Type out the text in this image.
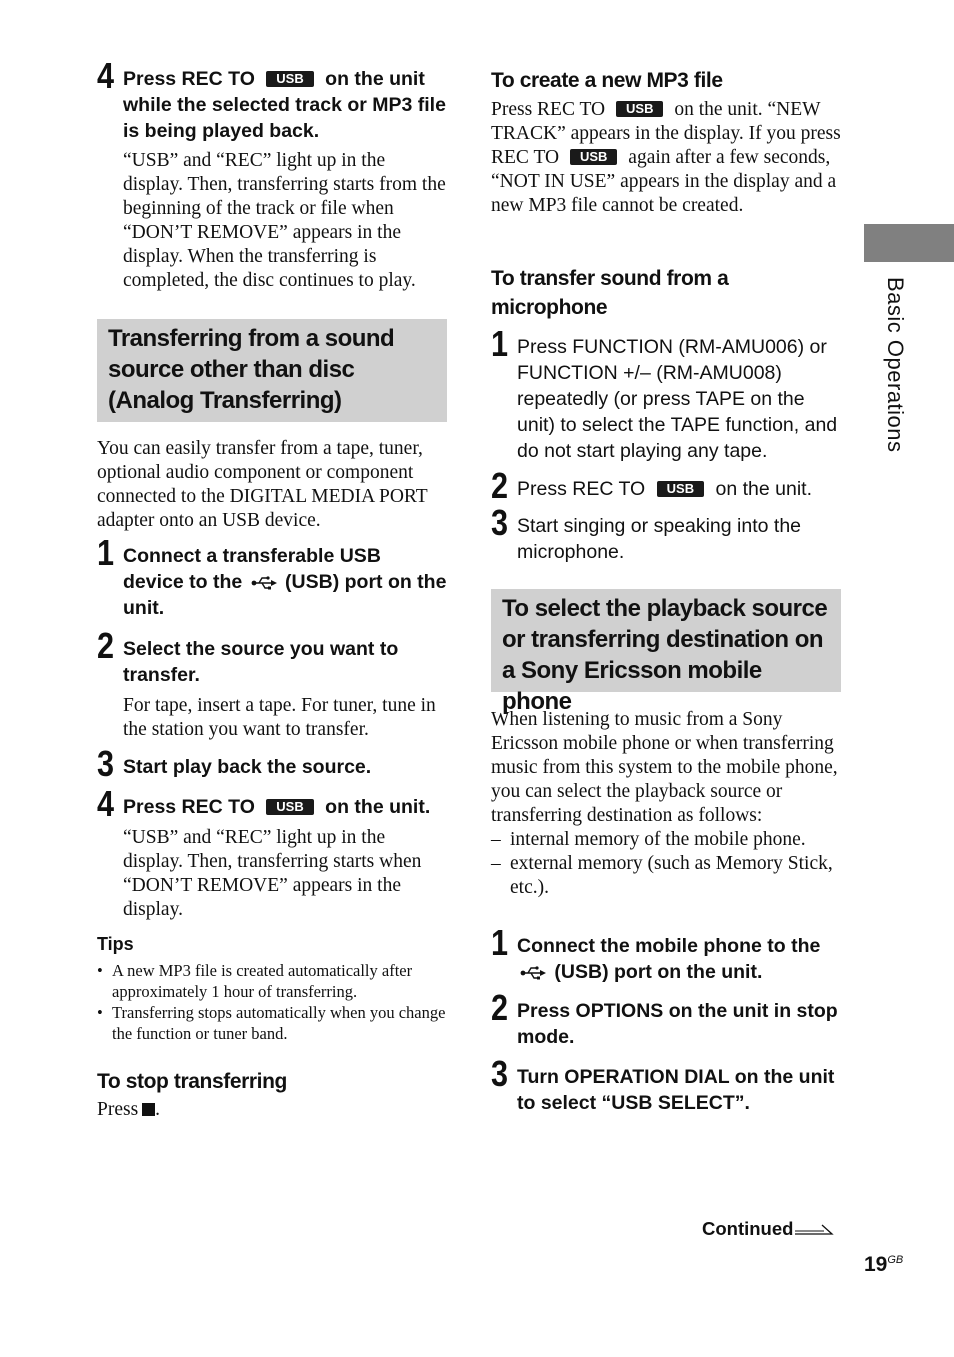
4 Press REC TO USB on the unit while the selected track or MP3 file is being played back.
“USB” and “REC” light up in the display. Then, transferring starts from the beginning of the track or file when “DON’T REMOVE” appears in the display. When the transferring is completed, the disc continues to play.
Transferring from a sound
source other than disc
(Analog Transferring)
You can easily transfer from a tape, tuner, optional audio component or component connected to the DIGITAL MEDIA PORT adapter onto an USB device.
1 Connect a transferable USB device to the (USB) port on the unit.
2 Select the source you want to transfer.
For tape, insert a tape. For tuner, tune in the station you want to transfer.
3 Start play back the source.
4 Press REC TO USB on the unit.
“USB” and “REC” light up in the display. Then, transferring starts when “DON’T REMOVE” appears in the display.
Tips
• A new MP3 file is created automatically after approximately 1 hour of transferring.
• Transferring stops automatically when you change the function or tuner band.
To stop transferring
Press .
To create a new MP3 file
Press REC TO USB on the unit. “NEW TRACK” appears in the display. If you press REC TO USB again after a few seconds, “NOT IN USE” appears in the display and a new MP3 file cannot be created.
To transfer sound from a
microphone
1 Press FUNCTION (RM-AMU006) or FUNCTION +/– (RM-AMU008) repeatedly (or press TAPE on the unit) to select the TAPE function, and do not start playing any tape.
2 Press REC TO USB on the unit.
3 Start singing or speaking into the microphone.
To select the playback source
or transferring destination on
a Sony Ericsson mobile phone
When listening to music from a Sony Ericsson mobile phone or when transferring music from this system to the mobile phone, you can select the playback source or transferring destination as follows:
– internal memory of the mobile phone.
– external memory (such as Memory Stick, etc.).
1 Connect the mobile phone to the  (USB) port on the unit.
2 Press OPTIONS on the unit in stop mode.
3 Turn OPERATION DIAL on the unit to select “USB SELECT”.
Basic Operations
Continued
$19^{GB}$
